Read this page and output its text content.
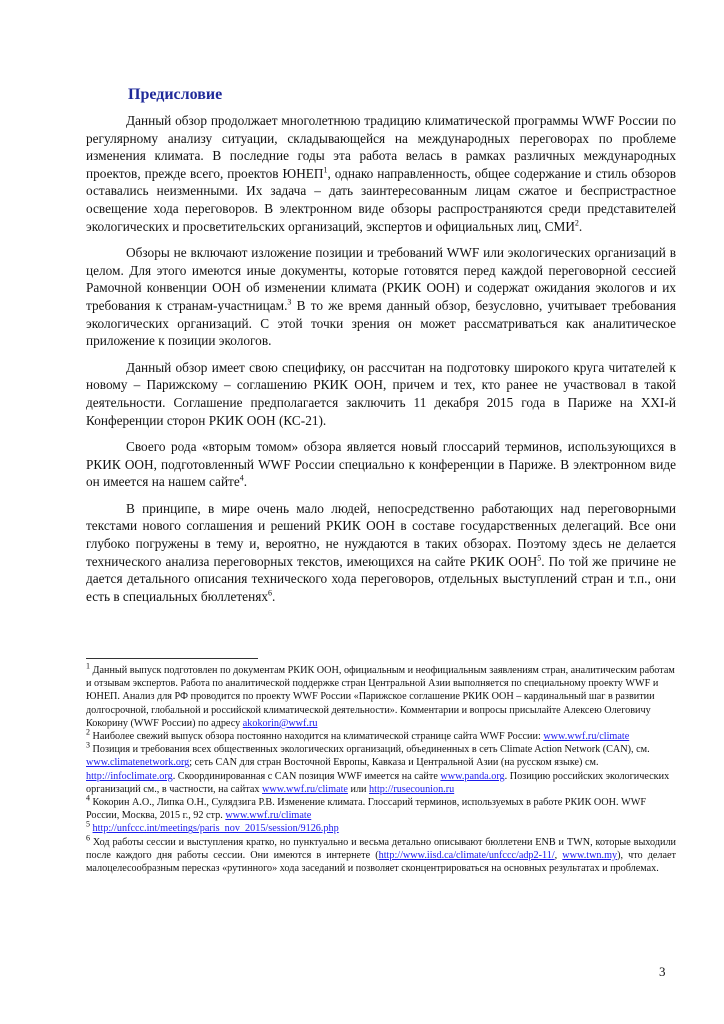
Предисловие

Данный обзор продолжает многолетнюю традицию климатической программы WWF России по регулярному анализу ситуации, складывающейся на международных переговорах по проблеме изменения климата. В последние годы эта работа велась в рамках различных международных проектов, прежде всего, проектов ЮНЕП$^1$, однако направленность, общее содержание и стиль обзоров оставались неизменными. Их задача – дать заинтересованным лицам сжатое и беспристрастное освещение хода переговоров. В электронном виде обзоры распространяются среди представителей экологических и просветительских организаций, экспертов и официальных лиц, СМИ$^2$.

Обзоры не включают изложение позиции и требований WWF или экологических организаций в целом. Для этого имеются иные документы, которые готовятся перед каждой переговорной сессией Рамочной конвенции ООН об изменении климата (РКИК ООН) и содержат ожидания экологов и их требования к странам-участницам.$^3$ В то же время данный обзор, безусловно, учитывает требования экологических организаций. С этой точки зрения он может рассматриваться как аналитическое приложение к позиции экологов.

Данный обзор имеет свою специфику, он рассчитан на подготовку широкого круга читателей к новому – Парижскому – соглашению РКИК ООН, причем и тех, кто ранее не участвовал в такой деятельности. Соглашение предполагается заключить 11 декабря 2015 года в Париже на XXI-й Конференции сторон РКИК ООН (КС-21).

Своего рода «вторым томом» обзора является новый глоссарий терминов, использующихся в РКИК ООН, подготовленный WWF России специально к конференции в Париже. В электронном виде он имеется на нашем сайте$^4$.

В принципе, в мире очень мало людей, непосредственно работающих над переговорными текстами нового соглашения и решений РКИК ООН в составе государственных делегаций. Все они глубоко погружены в тему и, вероятно, не нуждаются в таких обзорах. Поэтому здесь не делается технического анализа переговорных текстов, имеющихся на сайте РКИК ООН$^5$. По той же причине не дается детального описания технического хода переговоров, отдельных выступлений стран и т.п., они есть в специальных бюллетенях$^6$.

$^1$ Данный выпуск подготовлен по документам РКИК ООН, официальным и неофициальным заявлениям стран, аналитическим работам и отзывам экспертов. Работа по аналитической поддержке стран Центральной Азии выполняется по специальному проекту WWF и ЮНЕП. Анализ для РФ проводится по проекту WWF России «Парижское соглашение РКИК ООН – кардинальный шаг в развитии долгосрочной, глобальной и российской климатической деятельности». Комментарии и вопросы присылайте Алексею Олеговичу Кокорину (WWF России) по адресу akokorin@wwf.ru

$^2$ Наиболее свежий выпуск обзора постоянно находится на климатической странице сайта WWF России: www.wwf.ru/climate

$^3$ Позиция и требования всех общественных экологических организаций, объединенных в сеть Climate Action Network (CAN), см. www.climatenetwork.org; сеть CAN для стран Восточной Европы, Кавказа и Центральной Азии (на русском языке) см. http://infoclimate.org. Скоординированная с CAN позиция WWF имеется на сайте www.panda.org. Позицию российских экологических организаций см., в частности, на сайтах www.wwf.ru/climate или http://rusecounion.ru

$^4$ Кокорин А.О., Липка О.Н., Сулядзига Р.В. Изменение климата. Глоссарий терминов, используемых в работе РКИК ООН. WWF России, Москва, 2015 г., 92 стр. www.wwf.ru/climate

$^5$ http://unfccc.int/meetings/paris_nov_2015/session/9126.php

$^6$ Ход работы сессии и выступления кратко, но пунктуально и весьма детально описывают бюллетени ENB и TWN, которые выходили после каждого дня работы сессии. Они имеются в интернете (http://www.iisd.ca/climate/unfccc/adp2-11/, www.twn.my), что делает малоцелесообразным пересказ «рутинного» хода заседаний и позволяет сконцентрироваться на основных результатах и проблемах.

3
